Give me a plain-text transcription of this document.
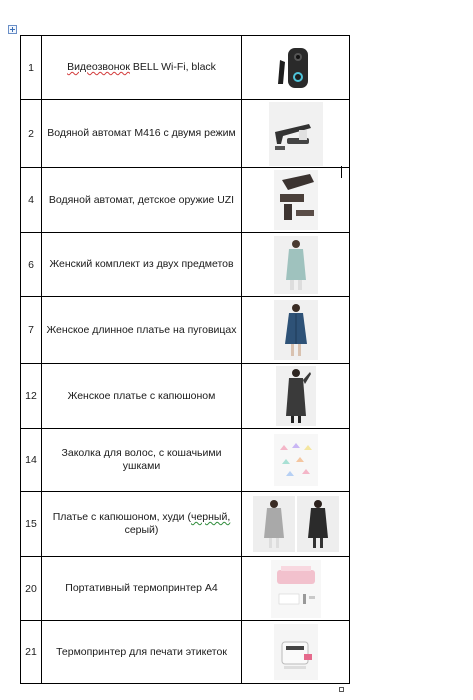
1	Видеозвонок BELL Wi-Fi, black	

2	Водяной автомат M416 с двумя режим	

4	Водяной автомат, детское оружие UZI	

6	Женский комплект из двух предметов	

7	Женское длинное платье на пуговицах	

12	Женское платье с капюшоном	

14	Заколка для волос, с кошачьими ушками	

15	Платье с капюшоном, худи (черный, серый)	

20	Портативный термопринтер A4	

21	Термопринтер для печати этикеток	
